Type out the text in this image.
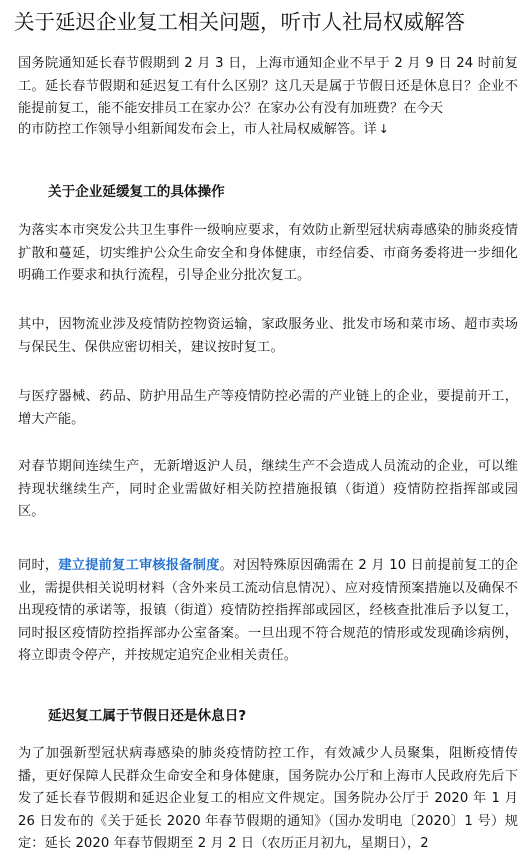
关于延迟企业复工相关问题，听市人社局权威解答

国务院通知延长春节假期到 2 月 3 日，上海市通知企业不早于 2 月 9 日 24 时前复工。延长春节假期和延迟复工有什么区别？这几天是属于节假日还是休息日？企业不能提前复工，能不能安排员工在家办公？在家办公有没有加班费？在今天

的市防控工作领导小组新闻发布会上，市人社局权威解答。详 ↓

关于企业延缓复工的具体操作

为落实本市突发公共卫生事件一级响应要求，有效防止新型冠状病毒感染的肺炎疫情扩散和蔓延，切实维护公众生命安全和身体健康，市经信委、市商务委将进一步细化明确工作要求和执行流程，引导企业分批次复工。

其中，因物流业涉及疫情防控物资运输，家政服务业、批发市场和菜市场、超市卖场与保民生、保供应密切相关，建议按时复工。

与医疗器械、药品、防护用品生产等疫情防控必需的产业链上的企业，要提前开工，增大产能。

对春节期间连续生产，无新增返沪人员，继续生产不会造成人员流动的企业，可以维持现状继续生产，同时企业需做好相关防控措施报镇（街道）疫情防控指挥部或园区。

同时，建立提前复工审核报备制度。对因特殊原因确需在 2 月 10 日前提前复工的企业，需提供相关说明材料（含外来员工流动信息情况）、应对疫情预案措施以及确保不出现疫情的承诺等，报镇（街道）疫情防控指挥部或园区，经核查批准后予以复工，同时报区疫情防控指挥部办公室备案。一旦出现不符合规范的情形或发现确诊病例，将立即责令停产，并按规定追究企业相关责任。

延迟复工属于节假日还是休息日?

为了加强新型冠状病毒感染的肺炎疫情防控工作，有效减少人员聚集，阻断疫情传播，更好保障人民群众生命安全和身体健康，国务院办公厅和上海市人民政府先后下发了延长春节假期和延迟企业复工的相应文件规定。国务院办公厅于 2020 年 1 月 26 日发布的《关于延长 2020 年春节假期的通知》（国办发明电〔2020〕1 号）规定：延长 2020 年春节假期至 2 月 2 日（农历正月初九，星期日），2
